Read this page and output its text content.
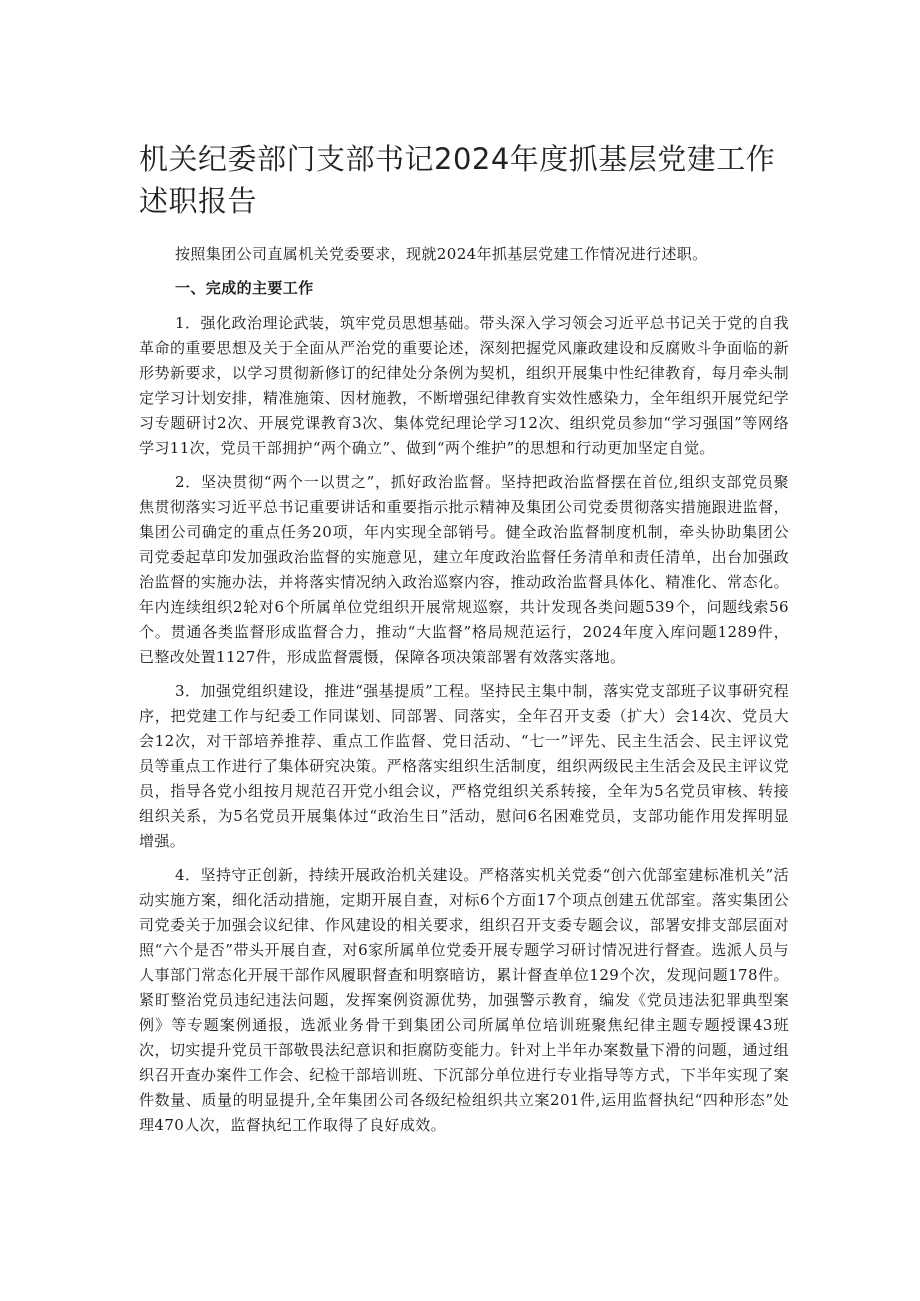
机关纪委部门支部书记2024年度抓基层党建工作述职报告

按照集团公司直属机关党委要求，现就2024年抓基层党建工作情况进行述职。

一、完成的主要工作

1．强化政治理论武装，筑牢党员思想基础。带头深入学习领会习近平总书记关于党的自我革命的重要思想及关于全面从严治党的重要论述，深刻把握党风廉政建设和反腐败斗争面临的新形势新要求，以学习贯彻新修订的纪律处分条例为契机，组织开展集中性纪律教育，每月牵头制定学习计划安排，精准施策、因材施教，不断增强纪律教育实效性感染力，全年组织开展党纪学习专题研讨2次、开展党课教育3次、集体党纪理论学习12次、组织党员参加“学习强国”等网络学习11次，党员干部拥护“两个确立”、做到“两个维护”的思想和行动更加坚定自觉。

2．坚决贯彻“两个一以贯之”，抓好政治监督。坚持把政治监督摆在首位,组织支部党员聚焦贯彻落实习近平总书记重要讲话和重要指示批示精神及集团公司党委贯彻落实措施跟进监督，集团公司确定的重点任务20项，年内实现全部销号。健全政治监督制度机制，牵头协助集团公司党委起草印发加强政治监督的实施意见，建立年度政治监督任务清单和责任清单，出台加强政治监督的实施办法，并将落实情况纳入政治巡察内容，推动政治监督具体化、精准化、常态化。年内连续组织2轮对6个所属单位党组织开展常规巡察，共计发现各类问题539个，问题线索56个。贯通各类监督形成监督合力，推动“大监督”格局规范运行，2024年度入库问题1289件，已整改处置1127件，形成监督震慑，保障各项决策部署有效落实落地。

3．加强党组织建设，推进“强基提质”工程。坚持民主集中制，落实党支部班子议事研究程序，把党建工作与纪委工作同谋划、同部署、同落实，全年召开支委（扩大）会14次、党员大会12次，对干部培养推荐、重点工作监督、党日活动、“七一”评先、民主生活会、民主评议党员等重点工作进行了集体研究决策。严格落实组织生活制度，组织两级民主生活会及民主评议党员，指导各党小组按月规范召开党小组会议，严格党组织关系转接，全年为5名党员审核、转接组织关系，为5名党员开展集体过“政治生日”活动，慰问6名困难党员，支部功能作用发挥明显增强。

4．坚持守正创新，持续开展政治机关建设。严格落实机关党委“创六优部室建标准机关”活动实施方案，细化活动措施，定期开展自查，对标6个方面17个项点创建五优部室。落实集团公司党委关于加强会议纪律、作风建设的相关要求，组织召开支委专题会议，部署安排支部层面对照“六个是否”带头开展自查，对6家所属单位党委开展专题学习研讨情况进行督查。选派人员与人事部门常态化开展干部作风履职督查和明察暗访，累计督查单位129个次，发现问题178件。紧盯整治党员违纪违法问题，发挥案例资源优势，加强警示教育，编发《党员违法犯罪典型案例》等专题案例通报，选派业务骨干到集团公司所属单位培训班聚焦纪律主题专题授课43班次，切实提升党员干部敬畏法纪意识和拒腐防变能力。针对上半年办案数量下滑的问题，通过组织召开查办案件工作会、纪检干部培训班、下沉部分单位进行专业指导等方式，下半年实现了案件数量、质量的明显提升,全年集团公司各级纪检组织共立案201件,运用监督执纪“四种形态”处理470人次，监督执纪工作取得了良好成效。
